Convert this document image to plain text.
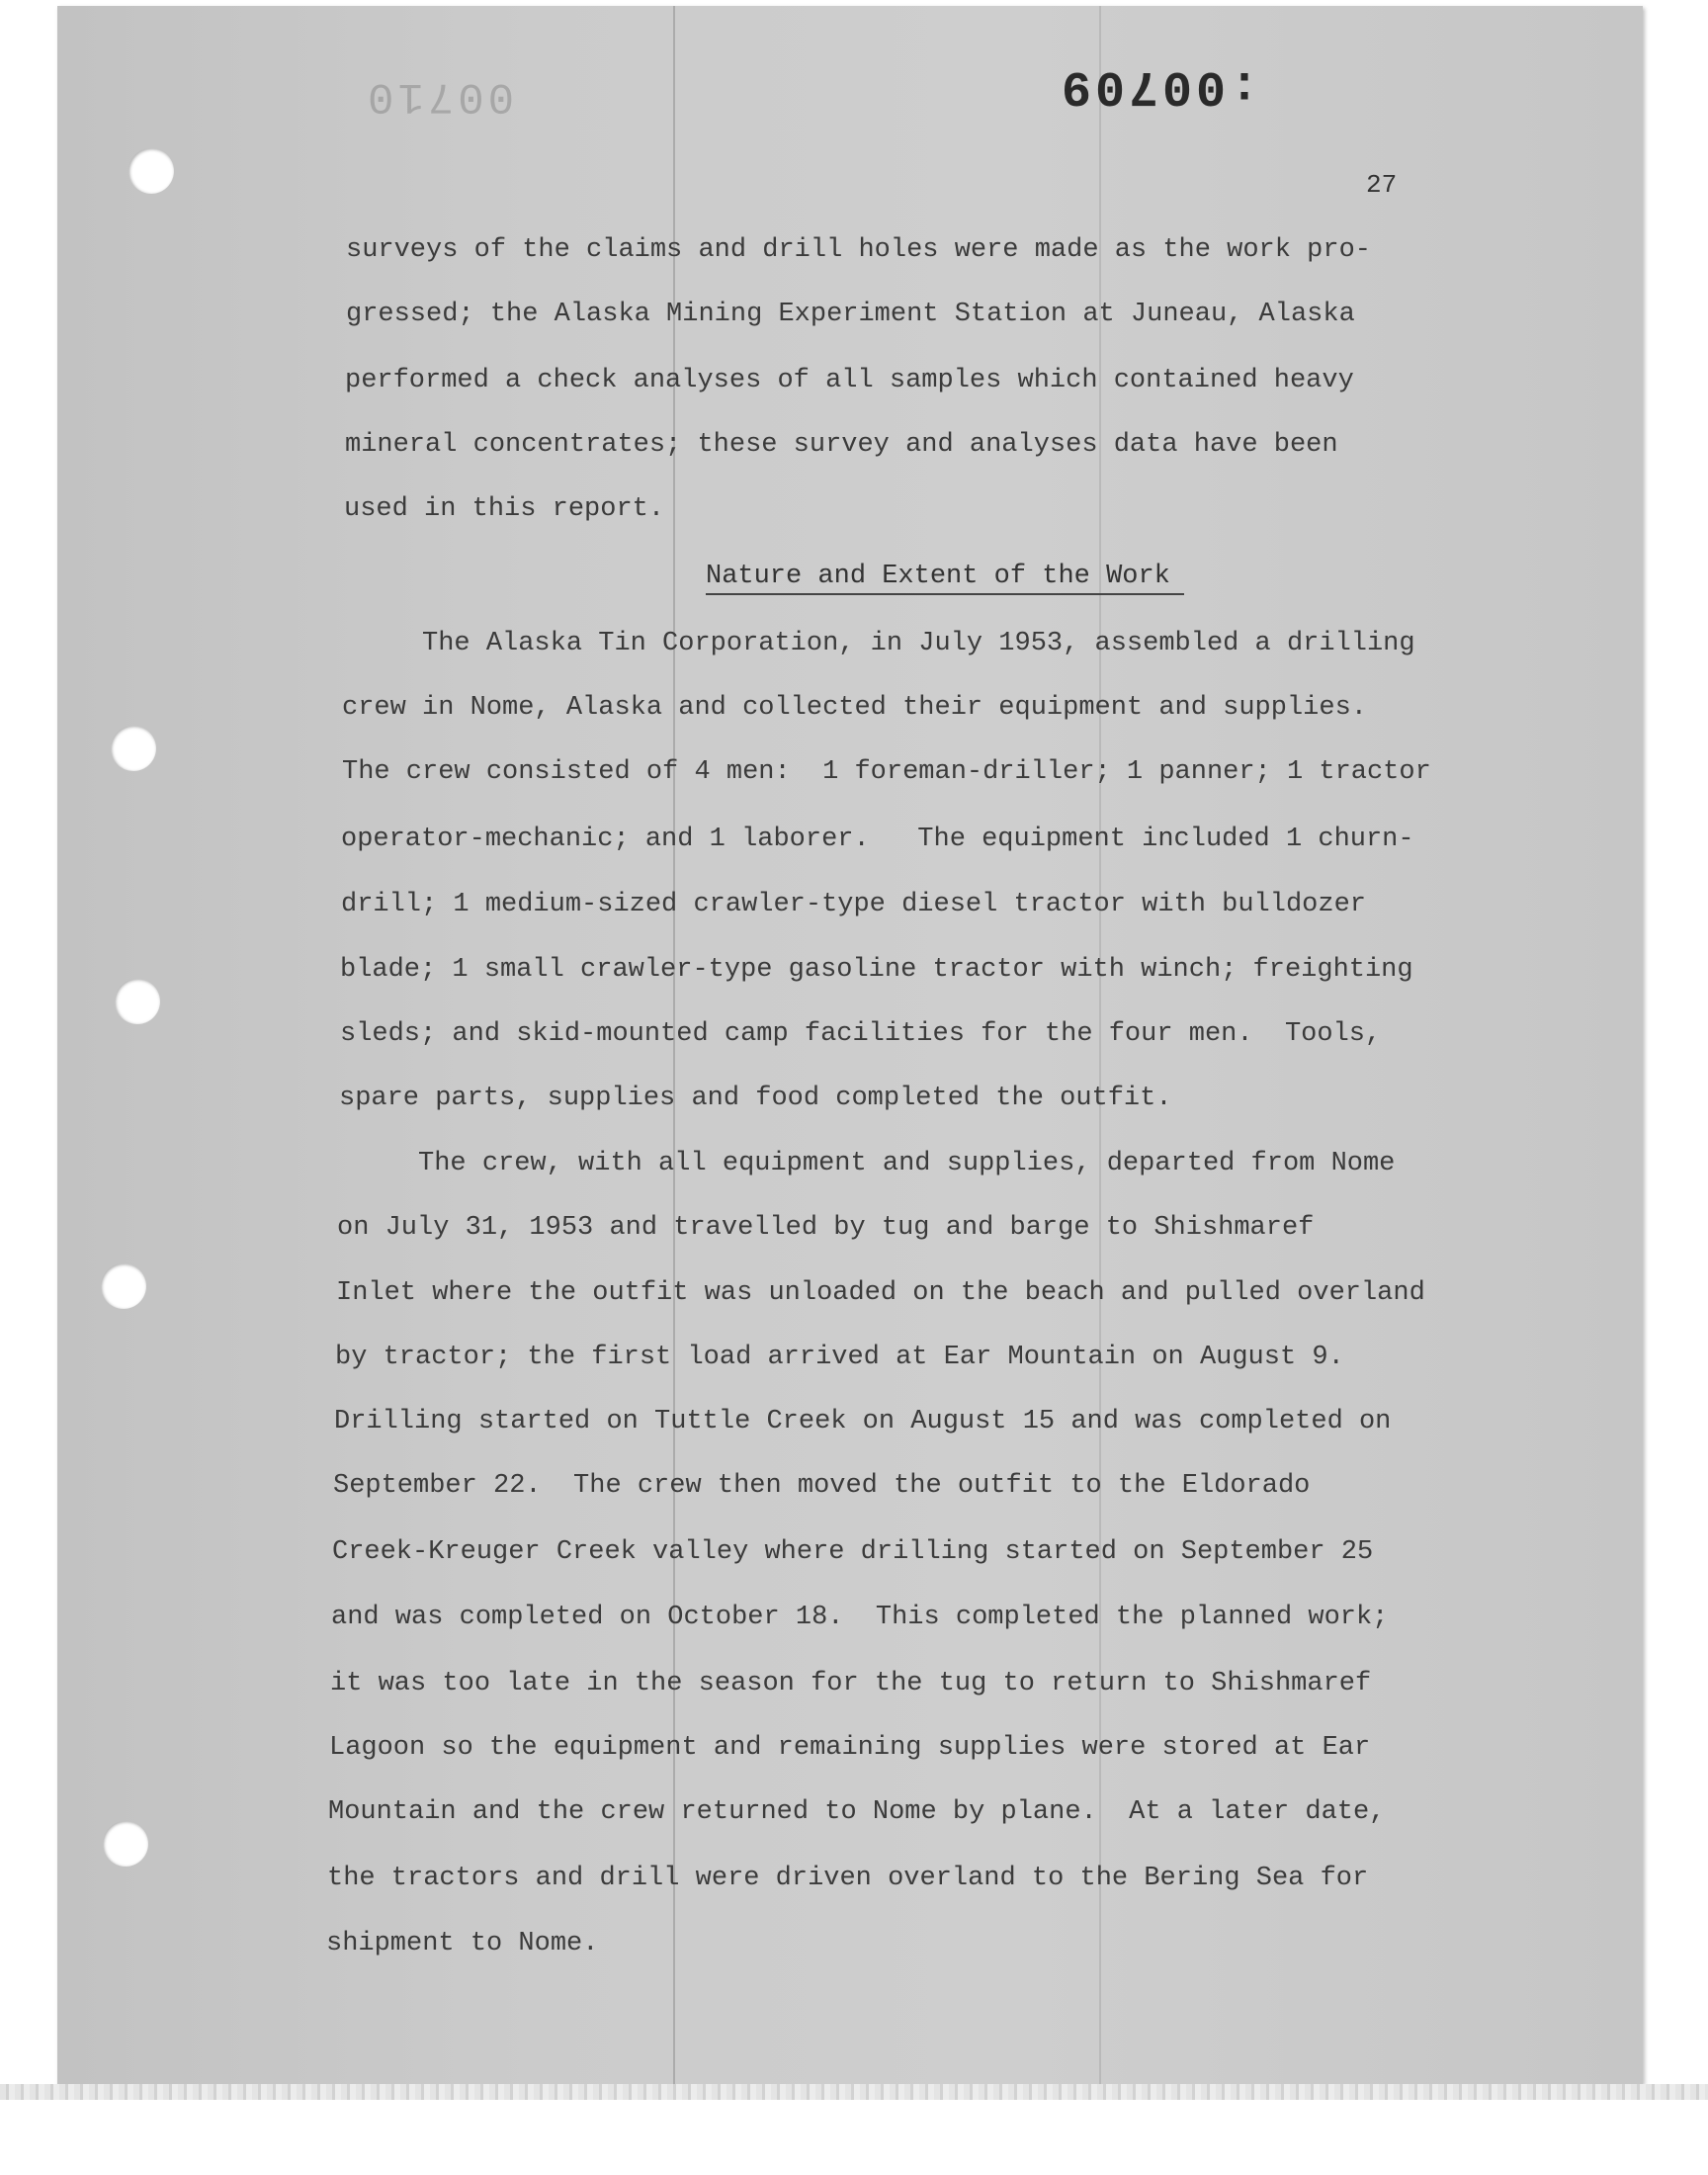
00710	:00709
27
surveys of the claims and drill holes were made as the work pro-
gressed; the Alaska Mining Experiment Station at Juneau, Alaska
performed a check analyses of all samples which contained heavy
mineral concentrates; these survey and analyses data have been
used in this report.
Nature and Extent of the Work
The Alaska Tin Corporation, in July 1953, assembled a drilling
crew in Nome, Alaska and collected their equipment and supplies.
The crew consisted of 4 men:  1 foreman-driller; 1 panner; 1 tractor
operator-mechanic; and 1 laborer.   The equipment included 1 churn-
drill; 1 medium-sized crawler-type diesel tractor with bulldozer
blade; 1 small crawler-type gasoline tractor with winch; freighting
sleds; and skid-mounted camp facilities for the four men.  Tools,
spare parts, supplies and food completed the outfit.
The crew, with all equipment and supplies, departed from Nome
on July 31, 1953 and travelled by tug and barge to Shishmaref
Inlet where the outfit was unloaded on the beach and pulled overland
by tractor; the first load arrived at Ear Mountain on August 9.
Drilling started on Tuttle Creek on August 15 and was completed on
September 22.  The crew then moved the outfit to the Eldorado
Creek-Kreuger Creek valley where drilling started on September 25
and was completed on October 18.  This completed the planned work;
it was too late in the season for the tug to return to Shishmaref
Lagoon so the equipment and remaining supplies were stored at Ear
Mountain and the crew returned to Nome by plane.  At a later date,
the tractors and drill were driven overland to the Bering Sea for
shipment to Nome.
